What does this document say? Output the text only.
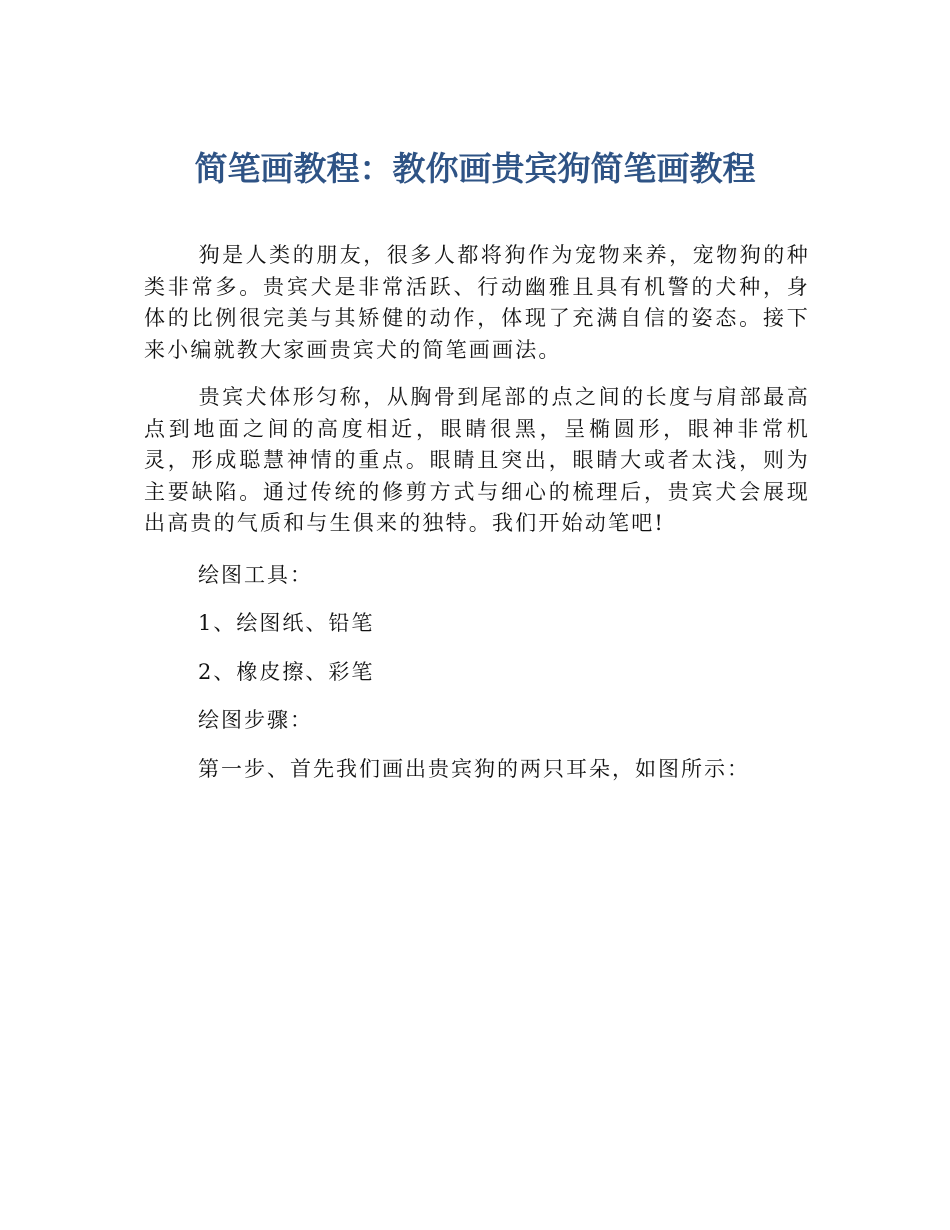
简笔画教程：教你画贵宾狗简笔画教程

狗是人类的朋友，很多人都将狗作为宠物来养，宠物狗的种类非常多。贵宾犬是非常活跃、行动幽雅且具有机警的犬种，身体的比例很完美与其矫健的动作，体现了充满自信的姿态。接下来小编就教大家画贵宾犬的简笔画画法。

贵宾犬体形匀称，从胸骨到尾部的点之间的长度与肩部最高点到地面之间的高度相近，眼睛很黑，呈椭圆形，眼神非常机灵，形成聪慧神情的重点。眼睛且突出，眼睛大或者太浅，则为主要缺陷。通过传统的修剪方式与细心的梳理后，贵宾犬会展现出高贵的气质和与生俱来的独特。我们开始动笔吧!

绘图工具：

1、绘图纸、铅笔

2、橡皮擦、彩笔

绘图步骤：

第一步、首先我们画出贵宾狗的两只耳朵，如图所示：
